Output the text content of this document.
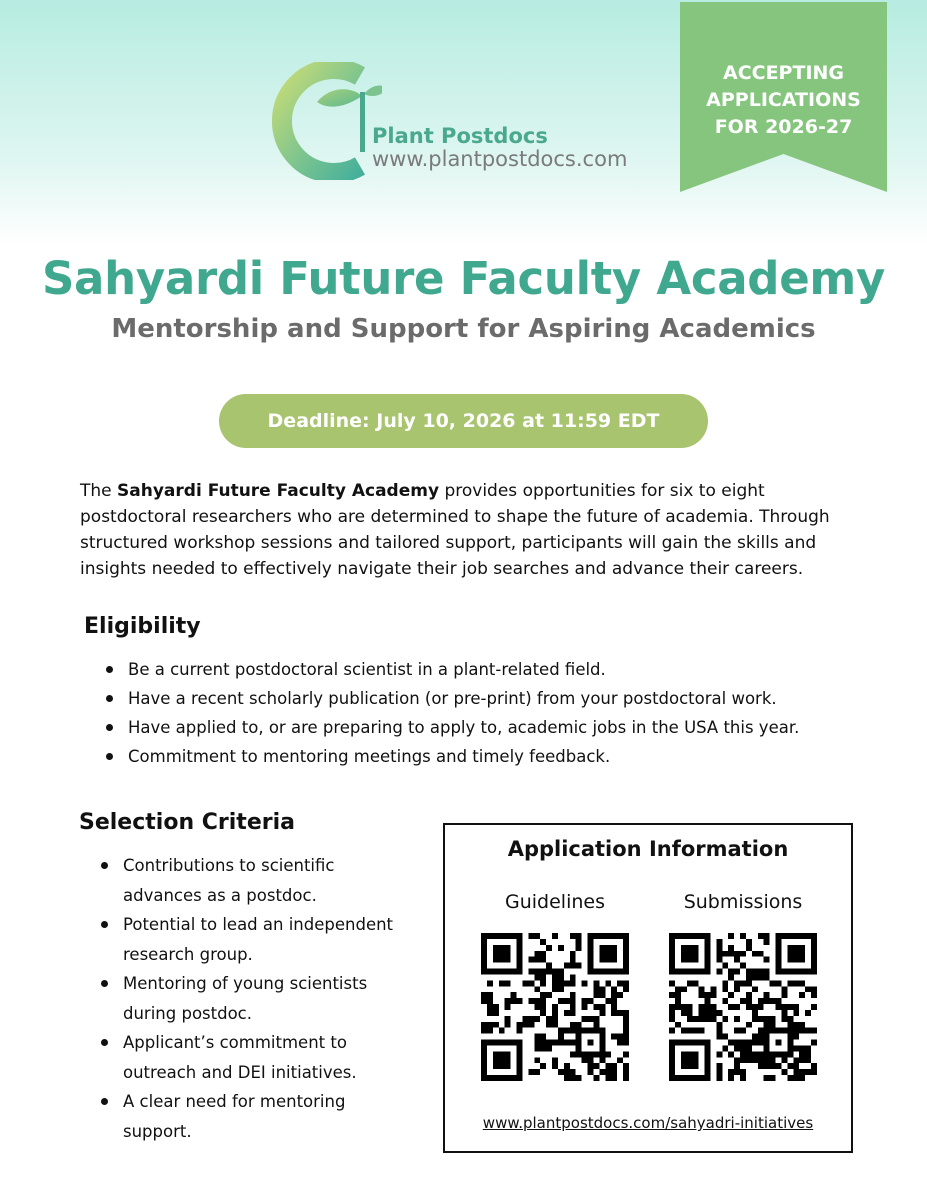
Plant Postdocs
www.plantpostdocs.com
ACCEPTING
APPLICATIONS
FOR 2026-27
Sahyardi Future Faculty Academy
Mentorship and Support for Aspiring Academics
Deadline: July 10, 2026 at 11:59 EDT
The Sahyardi Future Faculty Academy provides opportunities for six to eight postdoctoral researchers who are determined to shape the future of academia. Through structured workshop sessions and tailored support, participants will gain the skills and insights needed to effectively navigate their job searches and advance their careers.
Eligibility
Be a current postdoctoral scientist in a plant-related field.
Have a recent scholarly publication (or pre-print) from your postdoctoral work.
Have applied to, or are preparing to apply to, academic jobs in the USA this year.
Commitment to mentoring meetings and timely feedback.
Selection Criteria
Contributions to scientific advances as a postdoc.
Potential to lead an independent research group.
Mentoring of young scientists during postdoc.
Applicant’s commitment to outreach and DEI initiatives.
A clear need for mentoring support.
Application Information
Guidelines	Submissions
www.plantpostdocs.com/sahyadri-initiatives
